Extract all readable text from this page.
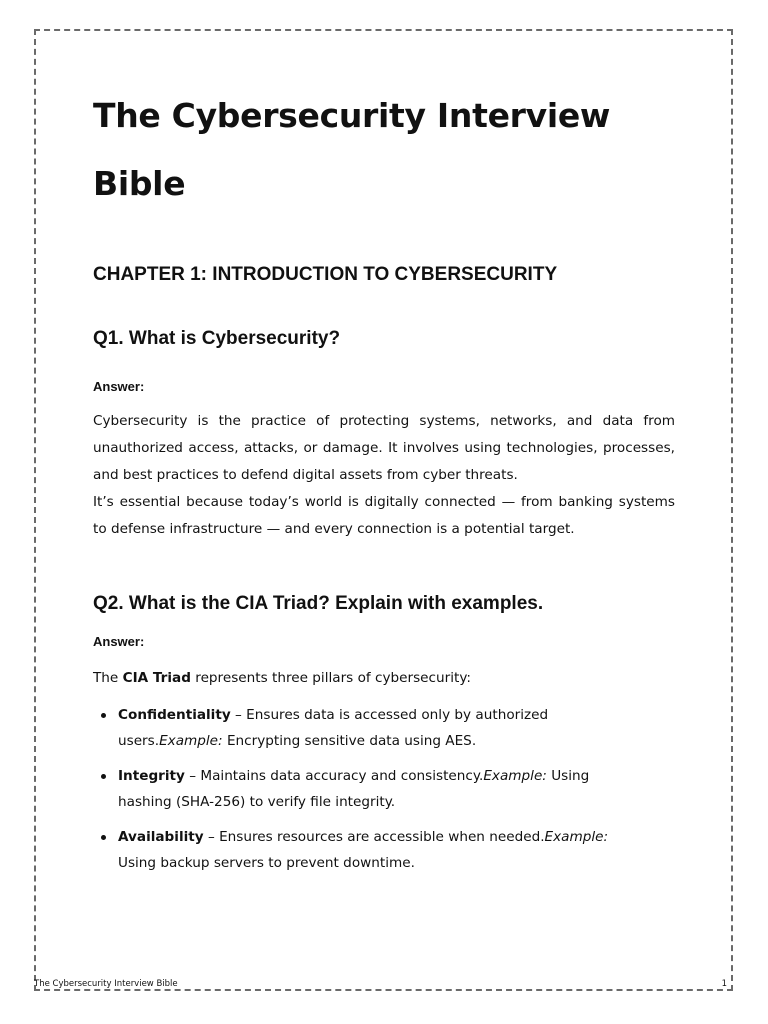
The Cybersecurity Interview Bible
CHAPTER 1: INTRODUCTION TO CYBERSECURITY
Q1. What is Cybersecurity?

Answer:

Cybersecurity is the practice of protecting systems, networks, and data from unauthorized access, attacks, or damage. It involves using technologies, processes, and best practices to defend digital assets from cyber threats.

It’s essential because today’s world is digitally connected — from banking systems to defense infrastructure — and every connection is a potential target.

Q2. What is the CIA Triad? Explain with examples.

Answer:

The CIA Triad represents three pillars of cybersecurity:

Confidentiality – Ensures data is accessed only by authorized users.Example: Encrypting sensitive data using AES.
Integrity – Maintains data accuracy and consistency.Example: Using hashing (SHA-256) to verify file integrity.
Availability – Ensures resources are accessible when needed.Example: Using backup servers to prevent downtime.
The Cybersecurity Interview Bible	1
